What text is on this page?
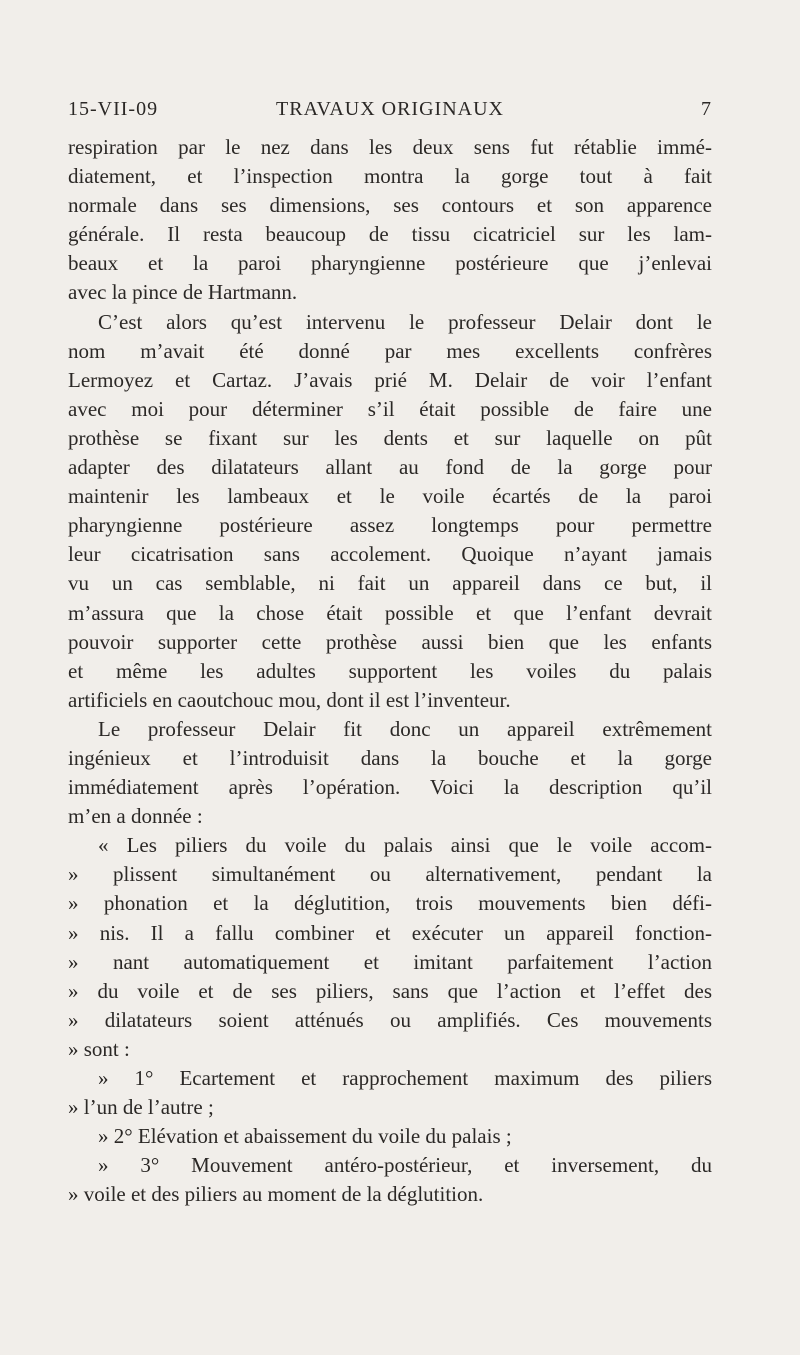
15-VII-09	TRAVAUX ORIGINAUX	7
respiration par le nez dans les deux sens fut rétablie immé-
diatement, et l’inspection montra la gorge tout à fait
normale dans ses dimensions, ses contours et son apparence
générale. Il resta beaucoup de tissu cicatriciel sur les lam-
beaux et la paroi pharyngienne postérieure que j’enlevai
avec la pince de Hartmann.
C’est alors qu’est intervenu le professeur Delair dont le
nom m’avait été donné par mes excellents confrères
Lermoyez et Cartaz. J’avais prié M. Delair de voir l’enfant
avec moi pour déterminer s’il était possible de faire une
prothèse se fixant sur les dents et sur laquelle on pût
adapter des dilatateurs allant au fond de la gorge pour
maintenir les lambeaux et le voile écartés de la paroi
pharyngienne postérieure assez longtemps pour permettre
leur cicatrisation sans accolement. Quoique n’ayant jamais
vu un cas semblable, ni fait un appareil dans ce but, il
m’assura que la chose était possible et que l’enfant devrait
pouvoir supporter cette prothèse aussi bien que les enfants
et même les adultes supportent les voiles du palais
artificiels en caoutchouc mou, dont il est l’inventeur.
Le professeur Delair fit donc un appareil extrêmement
ingénieux et l’introduisit dans la bouche et la gorge
immédiatement après l’opération. Voici la description qu’il
m’en a donnée :
« Les piliers du voile du palais ainsi que le voile accom-
» plissent simultanément ou alternativement, pendant la
» phonation et la déglutition, trois mouvements bien défi-
» nis. Il a fallu combiner et exécuter un appareil fonction-
» nant automatiquement et imitant parfaitement l’action
» du voile et de ses piliers, sans que l’action et l’effet des
» dilatateurs soient atténués ou amplifiés. Ces mouvements
» sont :
» 1° Ecartement et rapprochement maximum des piliers
» l’un de l’autre ;
» 2° Elévation et abaissement du voile du palais ;
» 3° Mouvement antéro-postérieur, et inversement, du
» voile et des piliers au moment de la déglutition.
